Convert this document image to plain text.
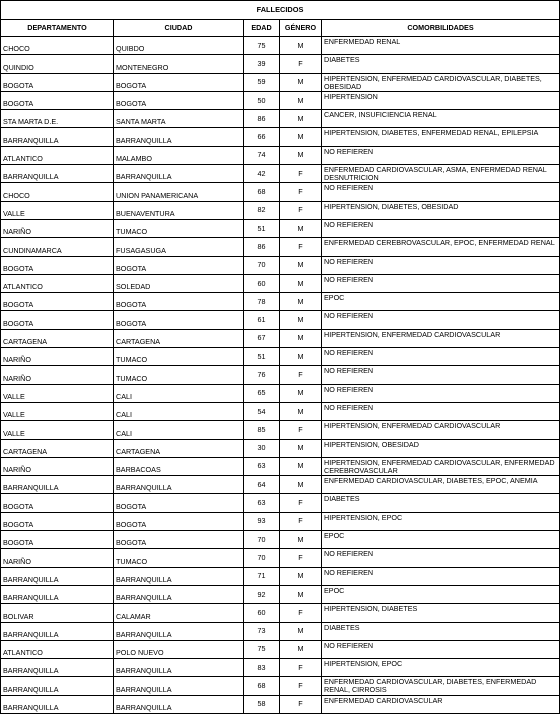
FALLECIDOS
DEPARTAMENTO	CIUDAD	EDAD	GÉNERO	COMORBILIDADES
CHOCO	QUIBDO	75	M	ENFERMEDAD RENAL
QUINDIO	MONTENEGRO	39	F	DIABETES
BOGOTA	BOGOTA	59	M	HIPERTENSION, ENFERMEDAD CARDIOVASCULAR, DIABETES, OBESIDAD
BOGOTA	BOGOTA	50	M	HIPERTENSION
STA MARTA D.E.	SANTA MARTA	86	M	CANCER, INSUFICIENCIA RENAL
BARRANQUILLA	BARRANQUILLA	66	M	HIPERTENSION, DIABETES, ENFERMEDAD RENAL, EPILEPSIA
ATLANTICO	MALAMBO	74	M	NO REFIEREN
BARRANQUILLA	BARRANQUILLA	42	F	ENFERMEDAD CARDIOVASCULAR, ASMA, ENFERMEDAD RENAL DESNUTRICION
CHOCO	UNION PANAMERICANA	68	F	NO REFIEREN
VALLE	BUENAVENTURA	82	F	HIPERTENSION, DIABETES, OBESIDAD
NARIÑO	TUMACO	51	M	NO REFIEREN
CUNDINAMARCA	FUSAGASUGA	86	F	ENFERMEDAD CEREBROVASCULAR, EPOC, ENFERMEDAD RENAL
BOGOTA	BOGOTA	70	M	NO REFIEREN
ATLANTICO	SOLEDAD	60	M	NO REFIEREN
BOGOTA	BOGOTA	78	M	EPOC
BOGOTA	BOGOTA	61	M	NO REFIEREN
CARTAGENA	CARTAGENA	67	M	HIPERTENSION, ENFERMEDAD CARDIOVASCULAR
NARIÑO	TUMACO	51	M	NO REFIEREN
NARIÑO	TUMACO	76	F	NO REFIEREN
VALLE	CALI	65	M	NO REFIEREN
VALLE	CALI	54	M	NO REFIEREN
VALLE	CALI	85	F	HIPERTENSION, ENFERMEDAD CARDIOVASCULAR
CARTAGENA	CARTAGENA	30	M	HIPERTENSION, OBESIDAD
NARIÑO	BARBACOAS	63	M	HIPERTENSION, ENFERMEDAD CARDIOVASCULAR, ENFERMEDAD CEREBROVASCULAR
BARRANQUILLA	BARRANQUILLA	64	M	ENFERMEDAD CARDIOVASCULAR, DIABETES, EPOC, ANEMIA
BOGOTA	BOGOTA	63	F	DIABETES
BOGOTA	BOGOTA	93	F	HIPERTENSION, EPOC
BOGOTA	BOGOTA	70	M	EPOC
NARIÑO	TUMACO	70	F	NO REFIEREN
BARRANQUILLA	BARRANQUILLA	71	M	NO REFIEREN
BARRANQUILLA	BARRANQUILLA	92	M	EPOC
BOLIVAR	CALAMAR	60	F	HIPERTENSION, DIABETES
BARRANQUILLA	BARRANQUILLA	73	M	DIABETES
ATLANTICO	POLO NUEVO	75	M	NO REFIEREN
BARRANQUILLA	BARRANQUILLA	83	F	HIPERTENSION, EPOC
BARRANQUILLA	BARRANQUILLA	68	F	ENFERMEDAD CARDIOVASCULAR, DIABETES, ENFERMEDAD RENAL, CIRROSIS
BARRANQUILLA	BARRANQUILLA	58	F	ENFERMEDAD CARDIOVASCULAR
